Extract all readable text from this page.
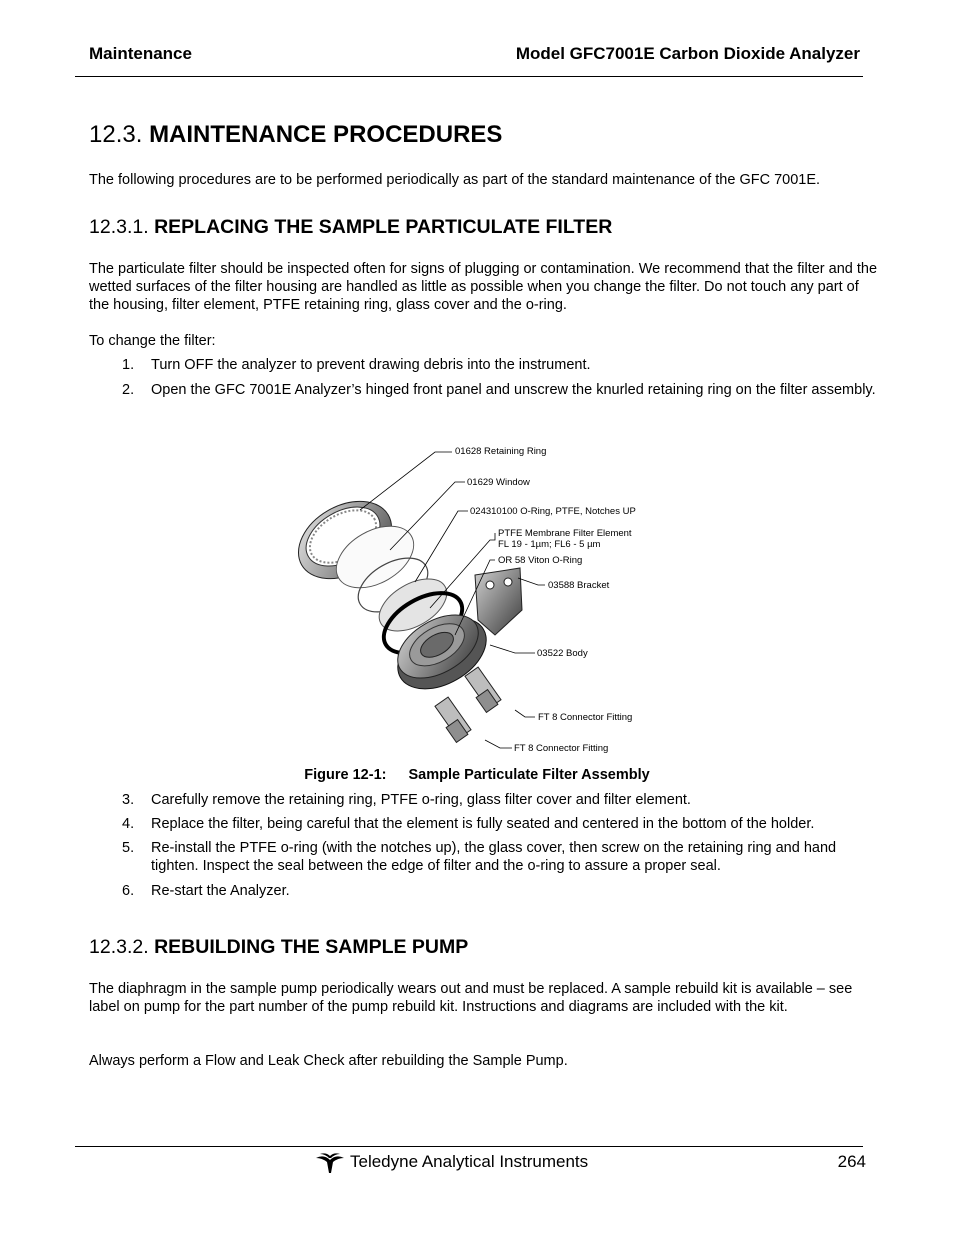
Maintenance	Model GFC7001E Carbon Dioxide Analyzer
12.3. MAINTENANCE PROCEDURES
The following procedures are to be performed periodically as part of the standard maintenance of the GFC 7001E.
12.3.1. REPLACING THE SAMPLE PARTICULATE FILTER
The particulate filter should be inspected often for signs of plugging or contamination. We recommend that the filter and the wetted surfaces of the filter housing are handled as little as possible when you change the filter. Do not touch any part of the housing, filter element, PTFE retaining ring, glass cover and the o-ring.
To change the filter:
1. Turn OFF the analyzer to prevent drawing debris into the instrument.
2. Open the GFC 7001E Analyzer’s hinged front panel and unscrew the knurled retaining ring on the filter assembly.
01628 Retaining Ring
01629 Window
024310100 O-Ring, PTFE, Notches UP
PTFE Membrane Filter Element
FL 19 - 1µm; FL6 - 5 µm
OR 58 Viton O-Ring
03588 Bracket
03522 Body
FT 8 Connector Fitting
FT 8 Connector Fitting
Figure 12-1: Sample Particulate Filter Assembly
3. Carefully remove the retaining ring, PTFE o-ring, glass filter cover and filter element.
4. Replace the filter, being careful that the element is fully seated and centered in the bottom of the holder.
5. Re-install the PTFE o-ring (with the notches up), the glass cover, then screw on the retaining ring and hand tighten. Inspect the seal between the edge of filter and the o-ring to assure a proper seal.
6. Re-start the Analyzer.
12.3.2. REBUILDING THE SAMPLE PUMP
The diaphragm in the sample pump periodically wears out and must be replaced. A sample rebuild kit is available – see label on pump for the part number of the pump rebuild kit. Instructions and diagrams are included with the kit.
Always perform a Flow and Leak Check after rebuilding the Sample Pump.
Teledyne Analytical Instruments	264
